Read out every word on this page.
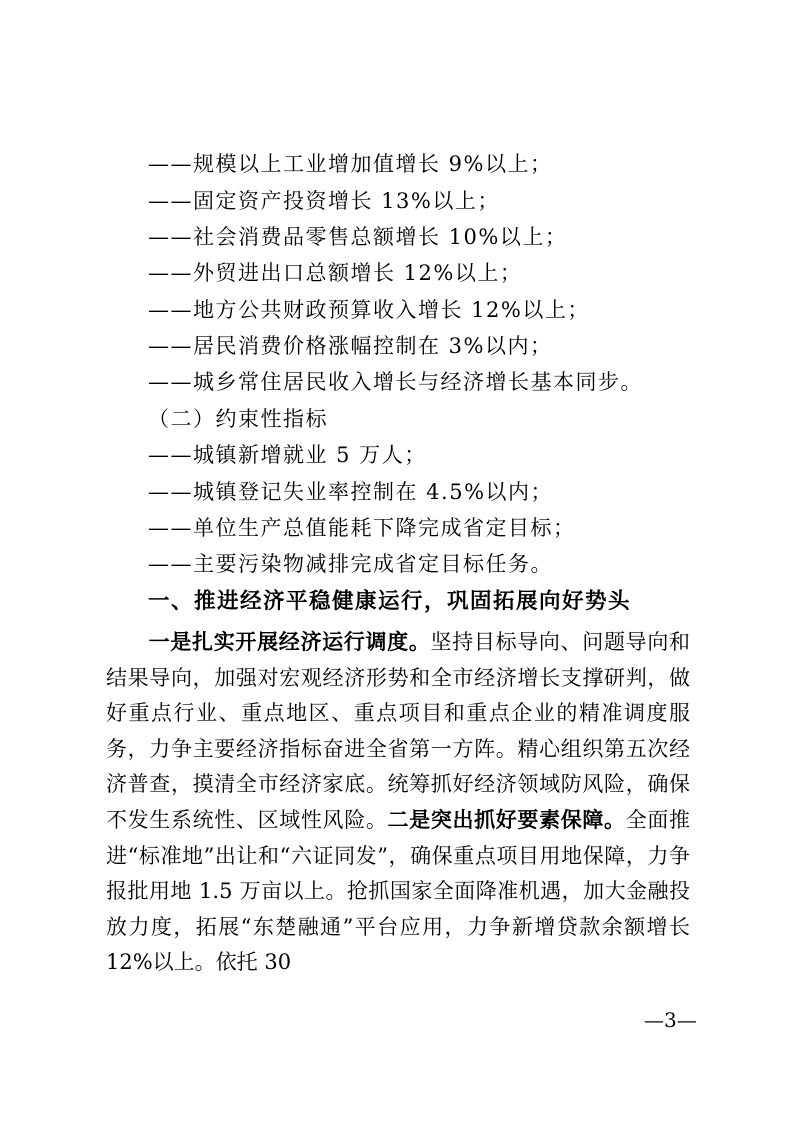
——规模以上工业增加值增长 9%以上；
——固定资产投资增长 13%以上；
——社会消费品零售总额增长 10%以上；
——外贸进出口总额增长 12%以上；
——地方公共财政预算收入增长 12%以上；
——居民消费价格涨幅控制在 3%以内；
——城乡常住居民收入增长与经济增长基本同步。
（二）约束性指标
——城镇新增就业 5 万人；
——城镇登记失业率控制在 4.5%以内；
——单位生产总值能耗下降完成省定目标；
——主要污染物减排完成省定目标任务。
一、推进经济平稳健康运行，巩固拓展向好势头
一是扎实开展经济运行调度。坚持目标导向、问题导向和结果导向，加强对宏观经济形势和全市经济增长支撑研判，做好重点行业、重点地区、重点项目和重点企业的精准调度服务，力争主要经济指标奋进全省第一方阵。精心组织第五次经济普查，摸清全市经济家底。统筹抓好经济领域防风险，确保不发生系统性、区域性风险。二是突出抓好要素保障。全面推进“标准地”出让和“六证同发”，确保重点项目用地保障，力争报批用地 1.5 万亩以上。抢抓国家全面降准机遇，加大金融投放力度，拓展“东楚融通”平台应用，力争新增贷款余额增长 12%以上。依托 30
—3—
